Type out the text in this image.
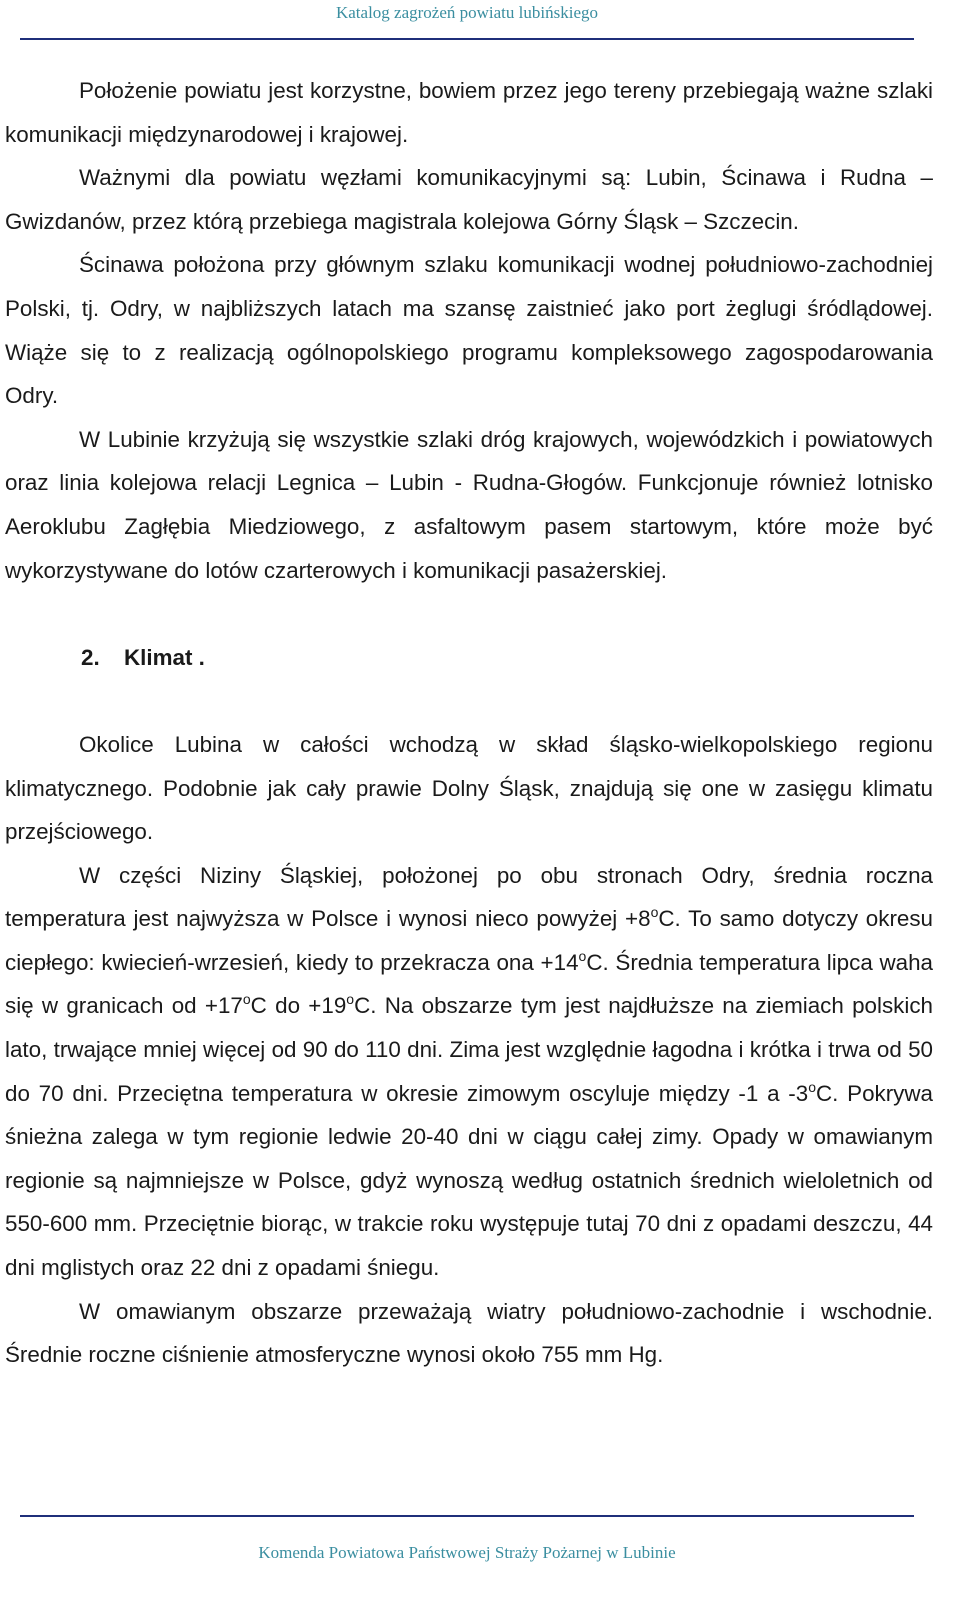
Katalog zagrożeń powiatu lubińskiego

Położenie powiatu jest korzystne, bowiem przez jego tereny przebiegają ważne szlaki komunikacji międzynarodowej i krajowej.

Ważnymi dla powiatu węzłami komunikacyjnymi są: Lubin, Ścinawa i Rudna – Gwizdanów, przez którą przebiega magistrala kolejowa Górny Śląsk – Szczecin.

Ścinawa położona przy głównym szlaku komunikacji wodnej południowo-zachodniej Polski, tj. Odry, w najbliższych latach ma szansę zaistnieć jako port żeglugi śródlądowej. Wiąże się to z realizacją ogólnopolskiego programu kompleksowego zagospodarowania Odry.

W Lubinie krzyżują się wszystkie szlaki dróg krajowych, wojewódzkich i powiatowych oraz linia kolejowa relacji Legnica – Lubin - Rudna-Głogów. Funkcjonuje również lotnisko Aeroklubu Zagłębia Miedziowego, z asfaltowym pasem startowym, które może być wykorzystywane do lotów czarterowych i komunikacji pasażerskiej.

2. Klimat .

Okolice Lubina w całości wchodzą w skład śląsko-wielkopolskiego regionu klimatycznego. Podobnie jak cały prawie Dolny Śląsk, znajdują się one w zasięgu klimatu przejściowego.

W części Niziny Śląskiej, położonej po obu stronach Odry, średnia roczna temperatura jest najwyższa w Polsce i wynosi nieco powyżej $+8^oC$. To samo dotyczy okresu ciepłego: kwiecień-wrzesień, kiedy to przekracza ona $+14^oC$. Średnia temperatura lipca waha się w granicach od $+17^oC$ do $+19^oC$. Na obszarze tym jest najdłuższe na ziemiach polskich lato, trwające mniej więcej od 90 do 110 dni. Zima jest względnie łagodna i krótka i trwa od 50 do 70 dni. Przeciętna temperatura w okresie zimowym oscyluje między -1 a -3$^o$C. Pokrywa śnieżna zalega w tym regionie ledwie 20-40 dni w ciągu całej zimy. Opady w omawianym regionie są najmniejsze w Polsce, gdyż wynoszą według ostatnich średnich wieloletnich od 550-600 mm. Przeciętnie biorąc, w trakcie roku występuje tutaj 70 dni z opadami deszczu, 44 dni mglistych oraz 22 dni z opadami śniegu.

W omawianym obszarze przeważają wiatry południowo-zachodnie i wschodnie. Średnie roczne ciśnienie atmosferyczne wynosi około 755 mm Hg.

Komenda Powiatowa Państwowej Straży Pożarnej w Lubinie
